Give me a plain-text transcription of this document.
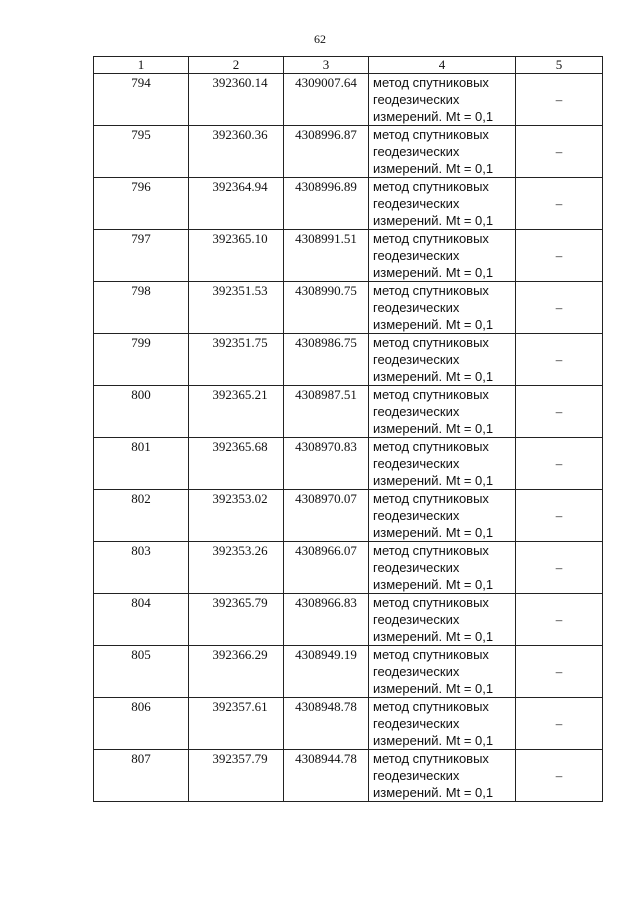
62
1	2	3	4	5
794	392360.14	4309007.64	метод спутниковых
геодезических
измерений. Mt = 0,1	–
795	392360.36	4308996.87	метод спутниковых
геодезических
измерений. Mt = 0,1	–
796	392364.94	4308996.89	метод спутниковых
геодезических
измерений. Mt = 0,1	–
797	392365.10	4308991.51	метод спутниковых
геодезических
измерений. Mt = 0,1	–
798	392351.53	4308990.75	метод спутниковых
геодезических
измерений. Mt = 0,1	–
799	392351.75	4308986.75	метод спутниковых
геодезических
измерений. Mt = 0,1	–
800	392365.21	4308987.51	метод спутниковых
геодезических
измерений. Mt = 0,1	–
801	392365.68	4308970.83	метод спутниковых
геодезических
измерений. Mt = 0,1	–
802	392353.02	4308970.07	метод спутниковых
геодезических
измерений. Mt = 0,1	–
803	392353.26	4308966.07	метод спутниковых
геодезических
измерений. Mt = 0,1	–
804	392365.79	4308966.83	метод спутниковых
геодезических
измерений. Mt = 0,1	–
805	392366.29	4308949.19	метод спутниковых
геодезических
измерений. Mt = 0,1	–
806	392357.61	4308948.78	метод спутниковых
геодезических
измерений. Mt = 0,1	–
807	392357.79	4308944.78	метод спутниковых
геодезических
измерений. Mt = 0,1	–
